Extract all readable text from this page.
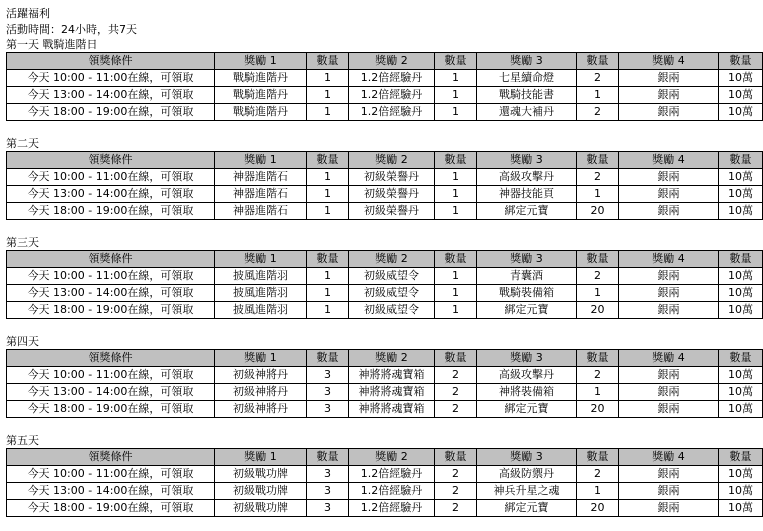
活躍福利
活動時間：24小時，共7天
第一天 戰騎進階日
領獎條件	獎勵 1	數量	獎勵 2	數量	獎勵 3	數量	獎勵 4	數量
今天 10:00 - 11:00在線，可領取	戰騎進階丹	1	1.2倍經驗丹	1	七星續命燈	2	銀兩	10萬
今天 13:00 - 14:00在線，可領取	戰騎進階丹	1	1.2倍經驗丹	1	戰騎技能書	1	銀兩	10萬
今天 18:00 - 19:00在線，可領取	戰騎進階丹	1	1.2倍經驗丹	1	還魂大補丹	2	銀兩	10萬
第二天
領獎條件	獎勵 1	數量	獎勵 2	數量	獎勵 3	數量	獎勵 4	數量
今天 10:00 - 11:00在線，可領取	神器進階石	1	初級榮譽丹	1	高級攻擊丹	2	銀兩	10萬
今天 13:00 - 14:00在線，可領取	神器進階石	1	初級榮譽丹	1	神器技能頁	1	銀兩	10萬
今天 18:00 - 19:00在線，可領取	神器進階石	1	初級榮譽丹	1	綁定元寶	20	銀兩	10萬
第三天
領獎條件	獎勵 1	數量	獎勵 2	數量	獎勵 3	數量	獎勵 4	數量
今天 10:00 - 11:00在線，可領取	披風進階羽	1	初級威望令	1	青囊酒	2	銀兩	10萬
今天 13:00 - 14:00在線，可領取	披風進階羽	1	初級威望令	1	戰騎裝備箱	1	銀兩	10萬
今天 18:00 - 19:00在線，可領取	披風進階羽	1	初級威望令	1	綁定元寶	20	銀兩	10萬
第四天
領獎條件	獎勵 1	數量	獎勵 2	數量	獎勵 3	數量	獎勵 4	數量
今天 10:00 - 11:00在線，可領取	初級神將丹	3	神將將魂寶箱	2	高級攻擊丹	2	銀兩	10萬
今天 13:00 - 14:00在線，可領取	初級神將丹	3	神將將魂寶箱	2	神將裝備箱	1	銀兩	10萬
今天 18:00 - 19:00在線，可領取	初級神將丹	3	神將將魂寶箱	2	綁定元寶	20	銀兩	10萬
第五天
領獎條件	獎勵 1	數量	獎勵 2	數量	獎勵 3	數量	獎勵 4	數量
今天 10:00 - 11:00在線，可領取	初級戰功牌	3	1.2倍經驗丹	2	高級防禦丹	2	銀兩	10萬
今天 13:00 - 14:00在線，可領取	初級戰功牌	3	1.2倍經驗丹	2	神兵升星之魂	1	銀兩	10萬
今天 18:00 - 19:00在線，可領取	初級戰功牌	3	1.2倍經驗丹	2	綁定元寶	20	銀兩	10萬
